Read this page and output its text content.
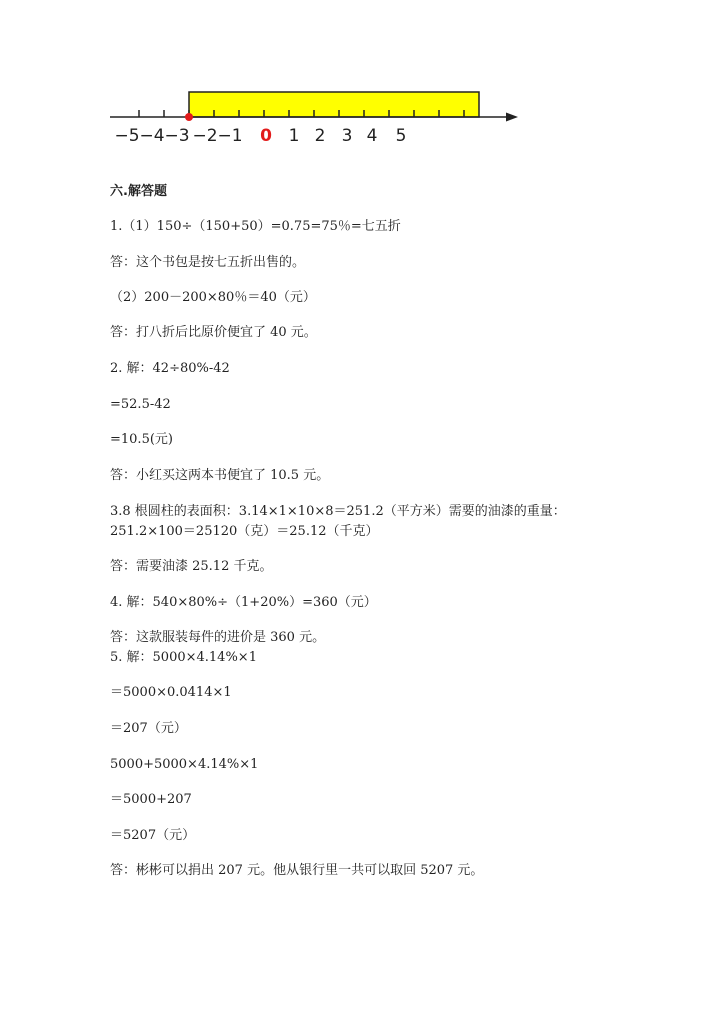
−5 −4 −3 −2 −1 0 1 2 3 4 5
六.解答题
1.（1）150÷（150+50）=0.75=75％=七五折
答：这个书包是按七五折出售的。
（2）200－200×80％＝40（元）
答：打八折后比原价便宜了 40 元。
2. 解：42÷80%-42
=52.5-42
=10.5(元)
答：小红买这两本书便宜了 10.5 元。
3.8 根圆柱的表面积：3.14×1×10×8＝251.2（平方米）需要的油漆的重量：
251.2×100＝25120（克）＝25.12（千克）
答：需要油漆 25.12 千克。
4. 解：540×80%÷（1+20%）=360（元）
答：这款服装每件的进价是 360 元。
5. 解：5000×4.14%×1
＝5000×0.0414×1
＝207（元）
5000+5000×4.14%×1
＝5000+207
＝5207（元）
答：彬彬可以捐出 207 元。他从银行里一共可以取回 5207 元。
